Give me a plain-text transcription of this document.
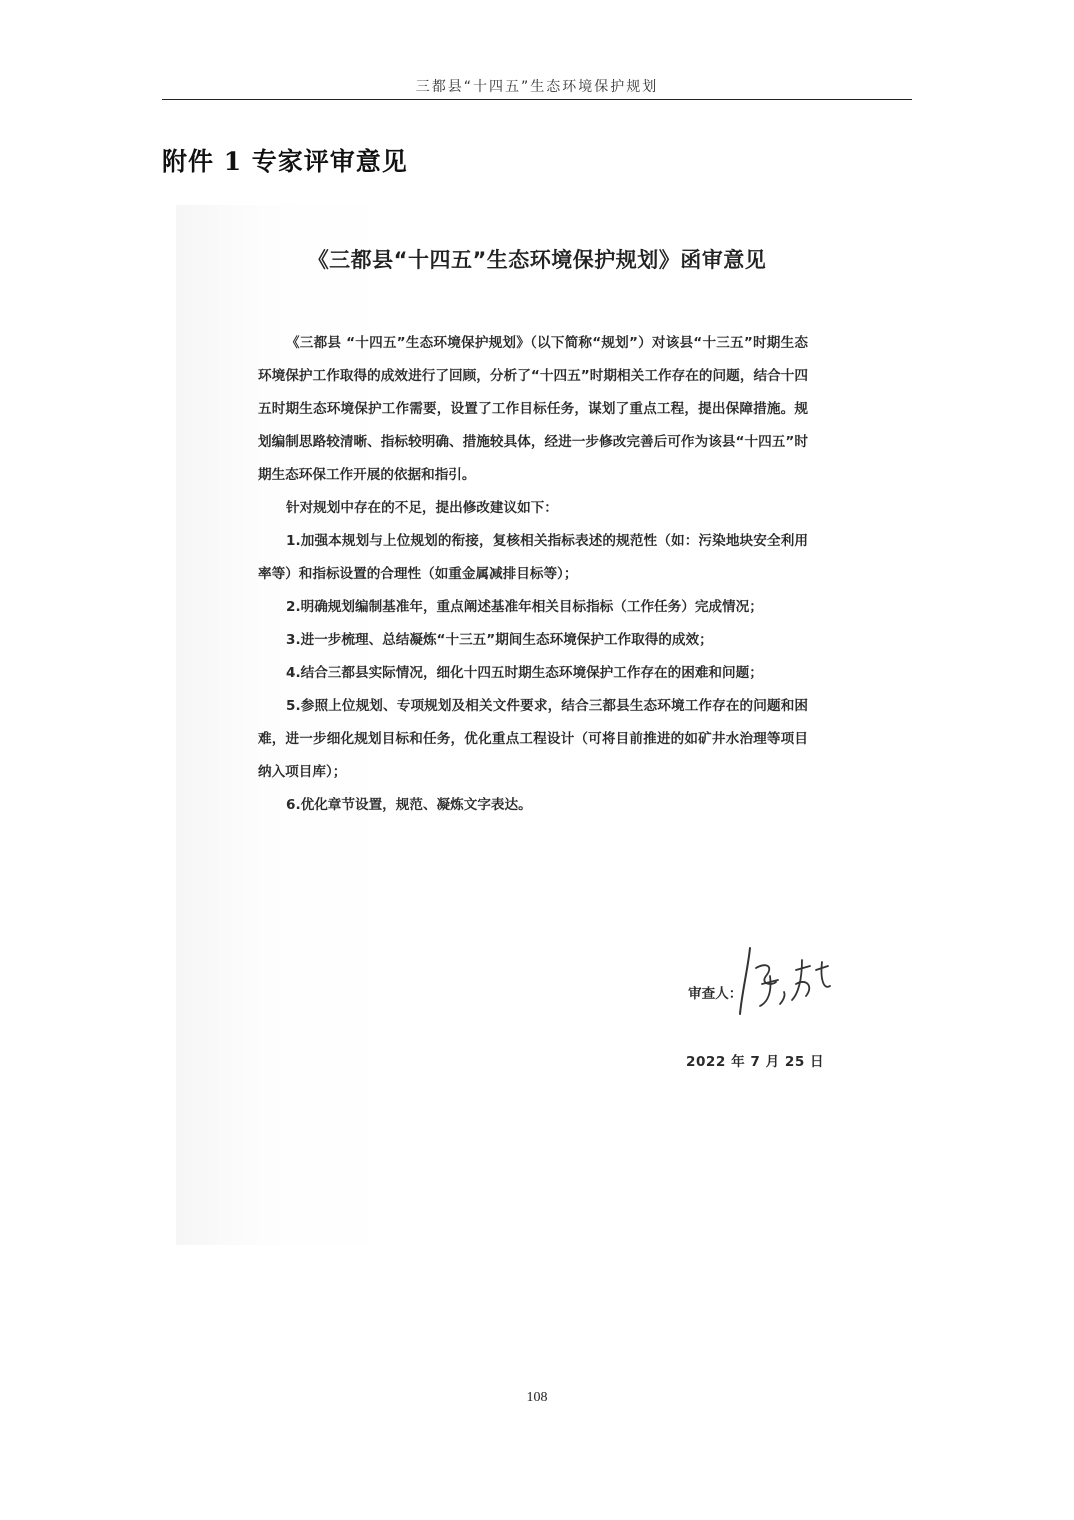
三都县“十四五”生态环境保护规划
附件 1 专家评审意见
《三都县“十四五”生态环境保护规划》函审意见

《三都县 “十四五”生态环境保护规划》（以下简称“规划”）对该县“十三五”时期生态环境保护工作取得的成效进行了回顾，分析了“十四五”时期相关工作存在的问题，结合十四五时期生态环境保护工作需要，设置了工作目标任务，谋划了重点工程，提出保障措施。规划编制思路较清晰、指标较明确、措施较具体，经进一步修改完善后可作为该县“十四五”时期生态环保工作开展的依据和指引。

针对规划中存在的不足，提出修改建议如下：

1.加强本规划与上位规划的衔接，复核相关指标表述的规范性（如：污染地块安全利用率等）和指标设置的合理性（如重金属减排目标等）；

2.明确规划编制基准年，重点阐述基准年相关目标指标（工作任务）完成情况；

3.进一步梳理、总结凝炼“十三五”期间生态环境保护工作取得的成效；

4.结合三都县实际情况，细化十四五时期生态环境保护工作存在的困难和问题；

5.参照上位规划、专项规划及相关文件要求，结合三都县生态环境工作存在的问题和困难，进一步细化规划目标和任务，优化重点工程设计（可将目前推进的如矿井水治理等项目纳入项目库）；

6.优化章节设置，规范、凝炼文字表达。

审查人：
2022 年 7 月 25 日
108
